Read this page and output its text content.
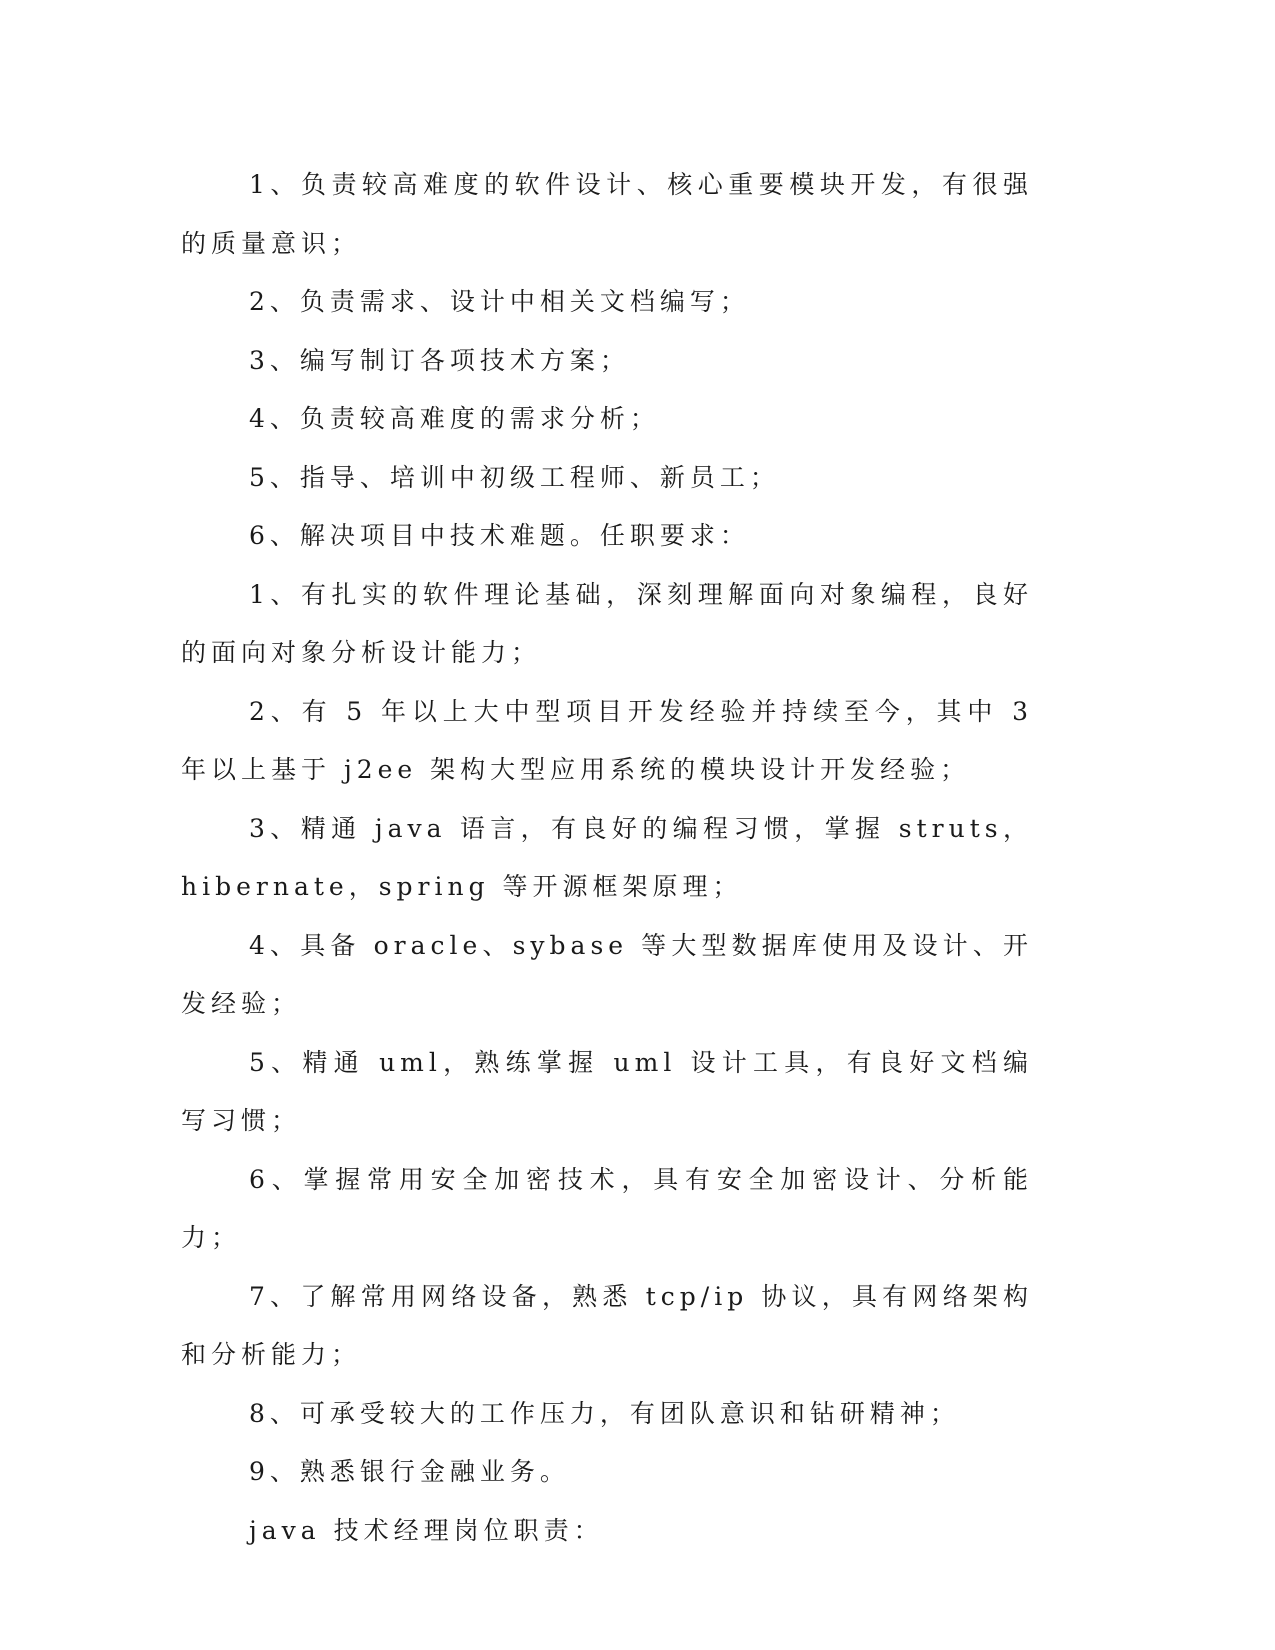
1、负责较高难度的软件设计、核心重要模块开发，有很强的质量意识；

2、负责需求、设计中相关文档编写；

3、编写制订各项技术方案；

4、负责较高难度的需求分析；

5、指导、培训中初级工程师、新员工；

6、解决项目中技术难题。任职要求：

1、有扎实的软件理论基础，深刻理解面向对象编程，良好的面向对象分析设计能力；

2、有 5 年以上大中型项目开发经验并持续至今，其中 3 年以上基于 j2ee 架构大型应用系统的模块设计开发经验；

3、精通 java 语言，有良好的编程习惯，掌握 struts，hibernate，spring 等开源框架原理；

4、具备 oracle、sybase 等大型数据库使用及设计、开发经验；

5、精通 uml，熟练掌握 uml 设计工具，有良好文档编写习惯；

6、掌握常用安全加密技术，具有安全加密设计、分析能力；

7、了解常用网络设备，熟悉 tcp/ip 协议，具有网络架构和分析能力；

8、可承受较大的工作压力，有团队意识和钻研精神；

9、熟悉银行金融业务。

java 技术经理岗位职责：
